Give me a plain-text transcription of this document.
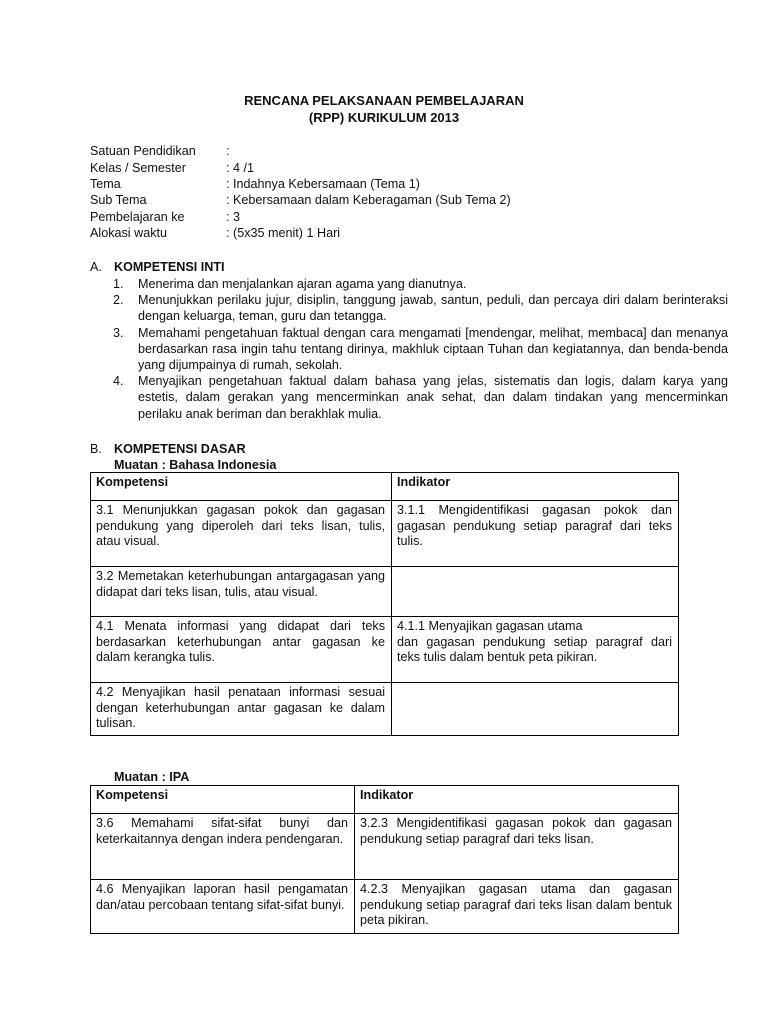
RENCANA PELAKSANAAN PEMBELAJARAN
(RPP) KURIKULUM 2013
Satuan Pendidikan :
Kelas / Semester	: 4 /1
Tema	: Indahnya Kebersamaan (Tema 1)
Sub Tema	: Kebersamaan dalam Keberagaman (Sub Tema 2)
Pembelajaran ke	: 3
Alokasi waktu	: (5x35 menit) 1 Hari
A. KOMPETENSI INTI
1. Menerima dan menjalankan ajaran agama yang dianutnya.
2. Menunjukkan perilaku jujur, disiplin, tanggung jawab, santun, peduli, dan percaya diri dalam berinteraksi dengan keluarga, teman, guru dan tetangga.
3. Memahami pengetahuan faktual dengan cara mengamati [mendengar, melihat, membaca] dan menanya berdasarkan rasa ingin tahu tentang dirinya, makhluk ciptaan Tuhan dan kegiatannya, dan benda-benda yang dijumpainya di rumah, sekolah.
4. Menyajikan pengetahuan faktual dalam bahasa yang jelas, sistematis dan logis, dalam karya yang estetis, dalam gerakan yang mencerminkan anak sehat, dan dalam tindakan yang mencerminkan perilaku anak beriman dan berakhlak mulia.
B. KOMPETENSI DASAR
Muatan : Bahasa Indonesia
Kompetensi	Indikator
3.1 Menunjukkan gagasan pokok dan gagasan pendukung yang diperoleh dari teks lisan, tulis, atau visual.	3.1.1 Mengidentifikasi gagasan pokok dan gagasan pendukung setiap paragraf dari teks tulis.
3.2 Memetakan keterhubungan antargagasan yang didapat dari teks lisan, tulis, atau visual.	
4.1 Menata informasi yang didapat dari teks berdasarkan keterhubungan antar gagasan ke dalam kerangka tulis.	4.1.1 Menyajikan gagasan utama
dan gagasan pendukung setiap paragraf dari teks tulis dalam bentuk peta pikiran.
4.2 Menyajikan hasil penataan informasi sesuai dengan keterhubungan antar gagasan ke dalam tulisan.	
Muatan : IPA
Kompetensi	Indikator
3.6 Memahami sifat-sifat bunyi dan keterkaitannya dengan indera pendengaran.	3.2.3 Mengidentifikasi gagasan pokok dan gagasan pendukung setiap paragraf dari teks lisan.
4.6 Menyajikan laporan hasil pengamatan dan/atau percobaan tentang sifat-sifat bunyi.	4.2.3 Menyajikan gagasan utama dan gagasan pendukung setiap paragraf dari teks lisan dalam bentuk peta pikiran.
